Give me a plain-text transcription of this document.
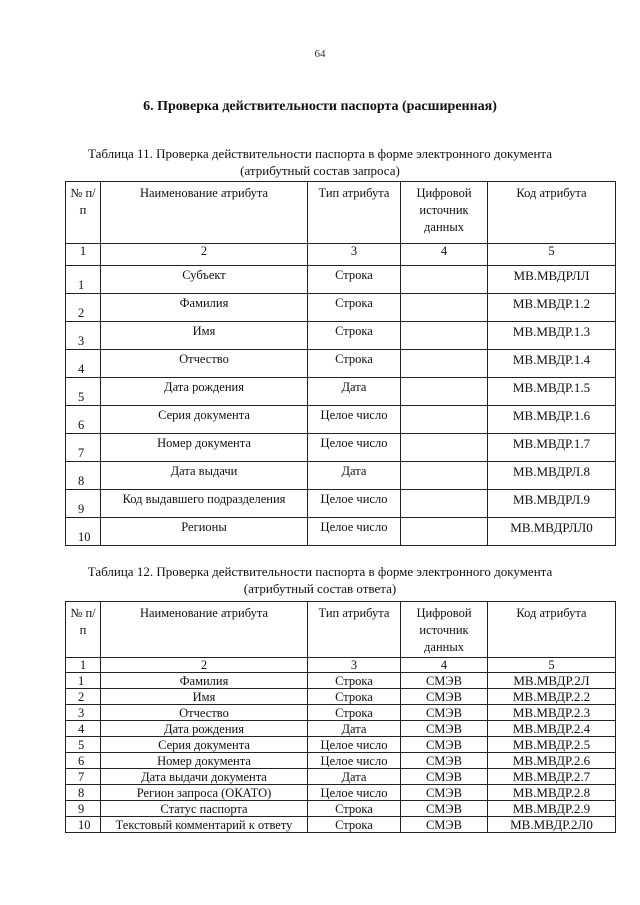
64
6. Проверка действительности паспорта (расширенная)
Таблица 11. Проверка действительности паспорта в форме электронного документа
(атрибутный состав запроса)
№ п/п	Наименование атрибута	Тип атрибута	Цифровой источник данных	Код атрибута
1	2	3	4	5
1	Субъект	Строка		МВ.МВДРЛЛ
2	Фамилия	Строка		МВ.МВДР.1.2
3	Имя	Строка		МВ.МВДР.1.3
4	Отчество	Строка		МВ.МВДР.1.4
5	Дата рождения	Дата		МВ.МВДР.1.5
6	Серия документа	Целое число		МВ.МВДР.1.6
7	Номер документа	Целое число		МВ.МВДР.1.7
8	Дата выдачи	Дата		МВ.МВДРЛ.8
9	Код выдавшего подразделения	Целое число		МВ.МВДРЛ.9
10	Регионы	Целое число		МВ.МВДРЛЛ0
Таблица 12. Проверка действительности паспорта в форме электронного документа
(атрибутный состав ответа)
№ п/п	Наименование атрибута	Тип атрибута	Цифровой источник данных	Код атрибута
1	2	3	4	5
1	Фамилия	Строка	СМЭВ	МВ.МВДР.2Л
2	Имя	Строка	СМЭВ	МВ.МВДР.2.2
3	Отчество	Строка	СМЭВ	МВ.МВДР.2.3
4	Дата рождения	Дата	СМЭВ	МВ.МВДР.2.4
5	Серия документа	Целое число	СМЭВ	МВ.МВДР.2.5
6	Номер документа	Целое число	СМЭВ	МВ.МВДР.2.6
7	Дата выдачи документа	Дата	СМЭВ	МВ.МВДР.2.7
8	Регион запроса (ОКАТО)	Целое число	СМЭВ	МВ.МВДР.2.8
9	Статус паспорта	Строка	СМЭВ	МВ.МВДР.2.9
10	Текстовый комментарий к ответу	Строка	СМЭВ	МВ.МВДР.2Л0
